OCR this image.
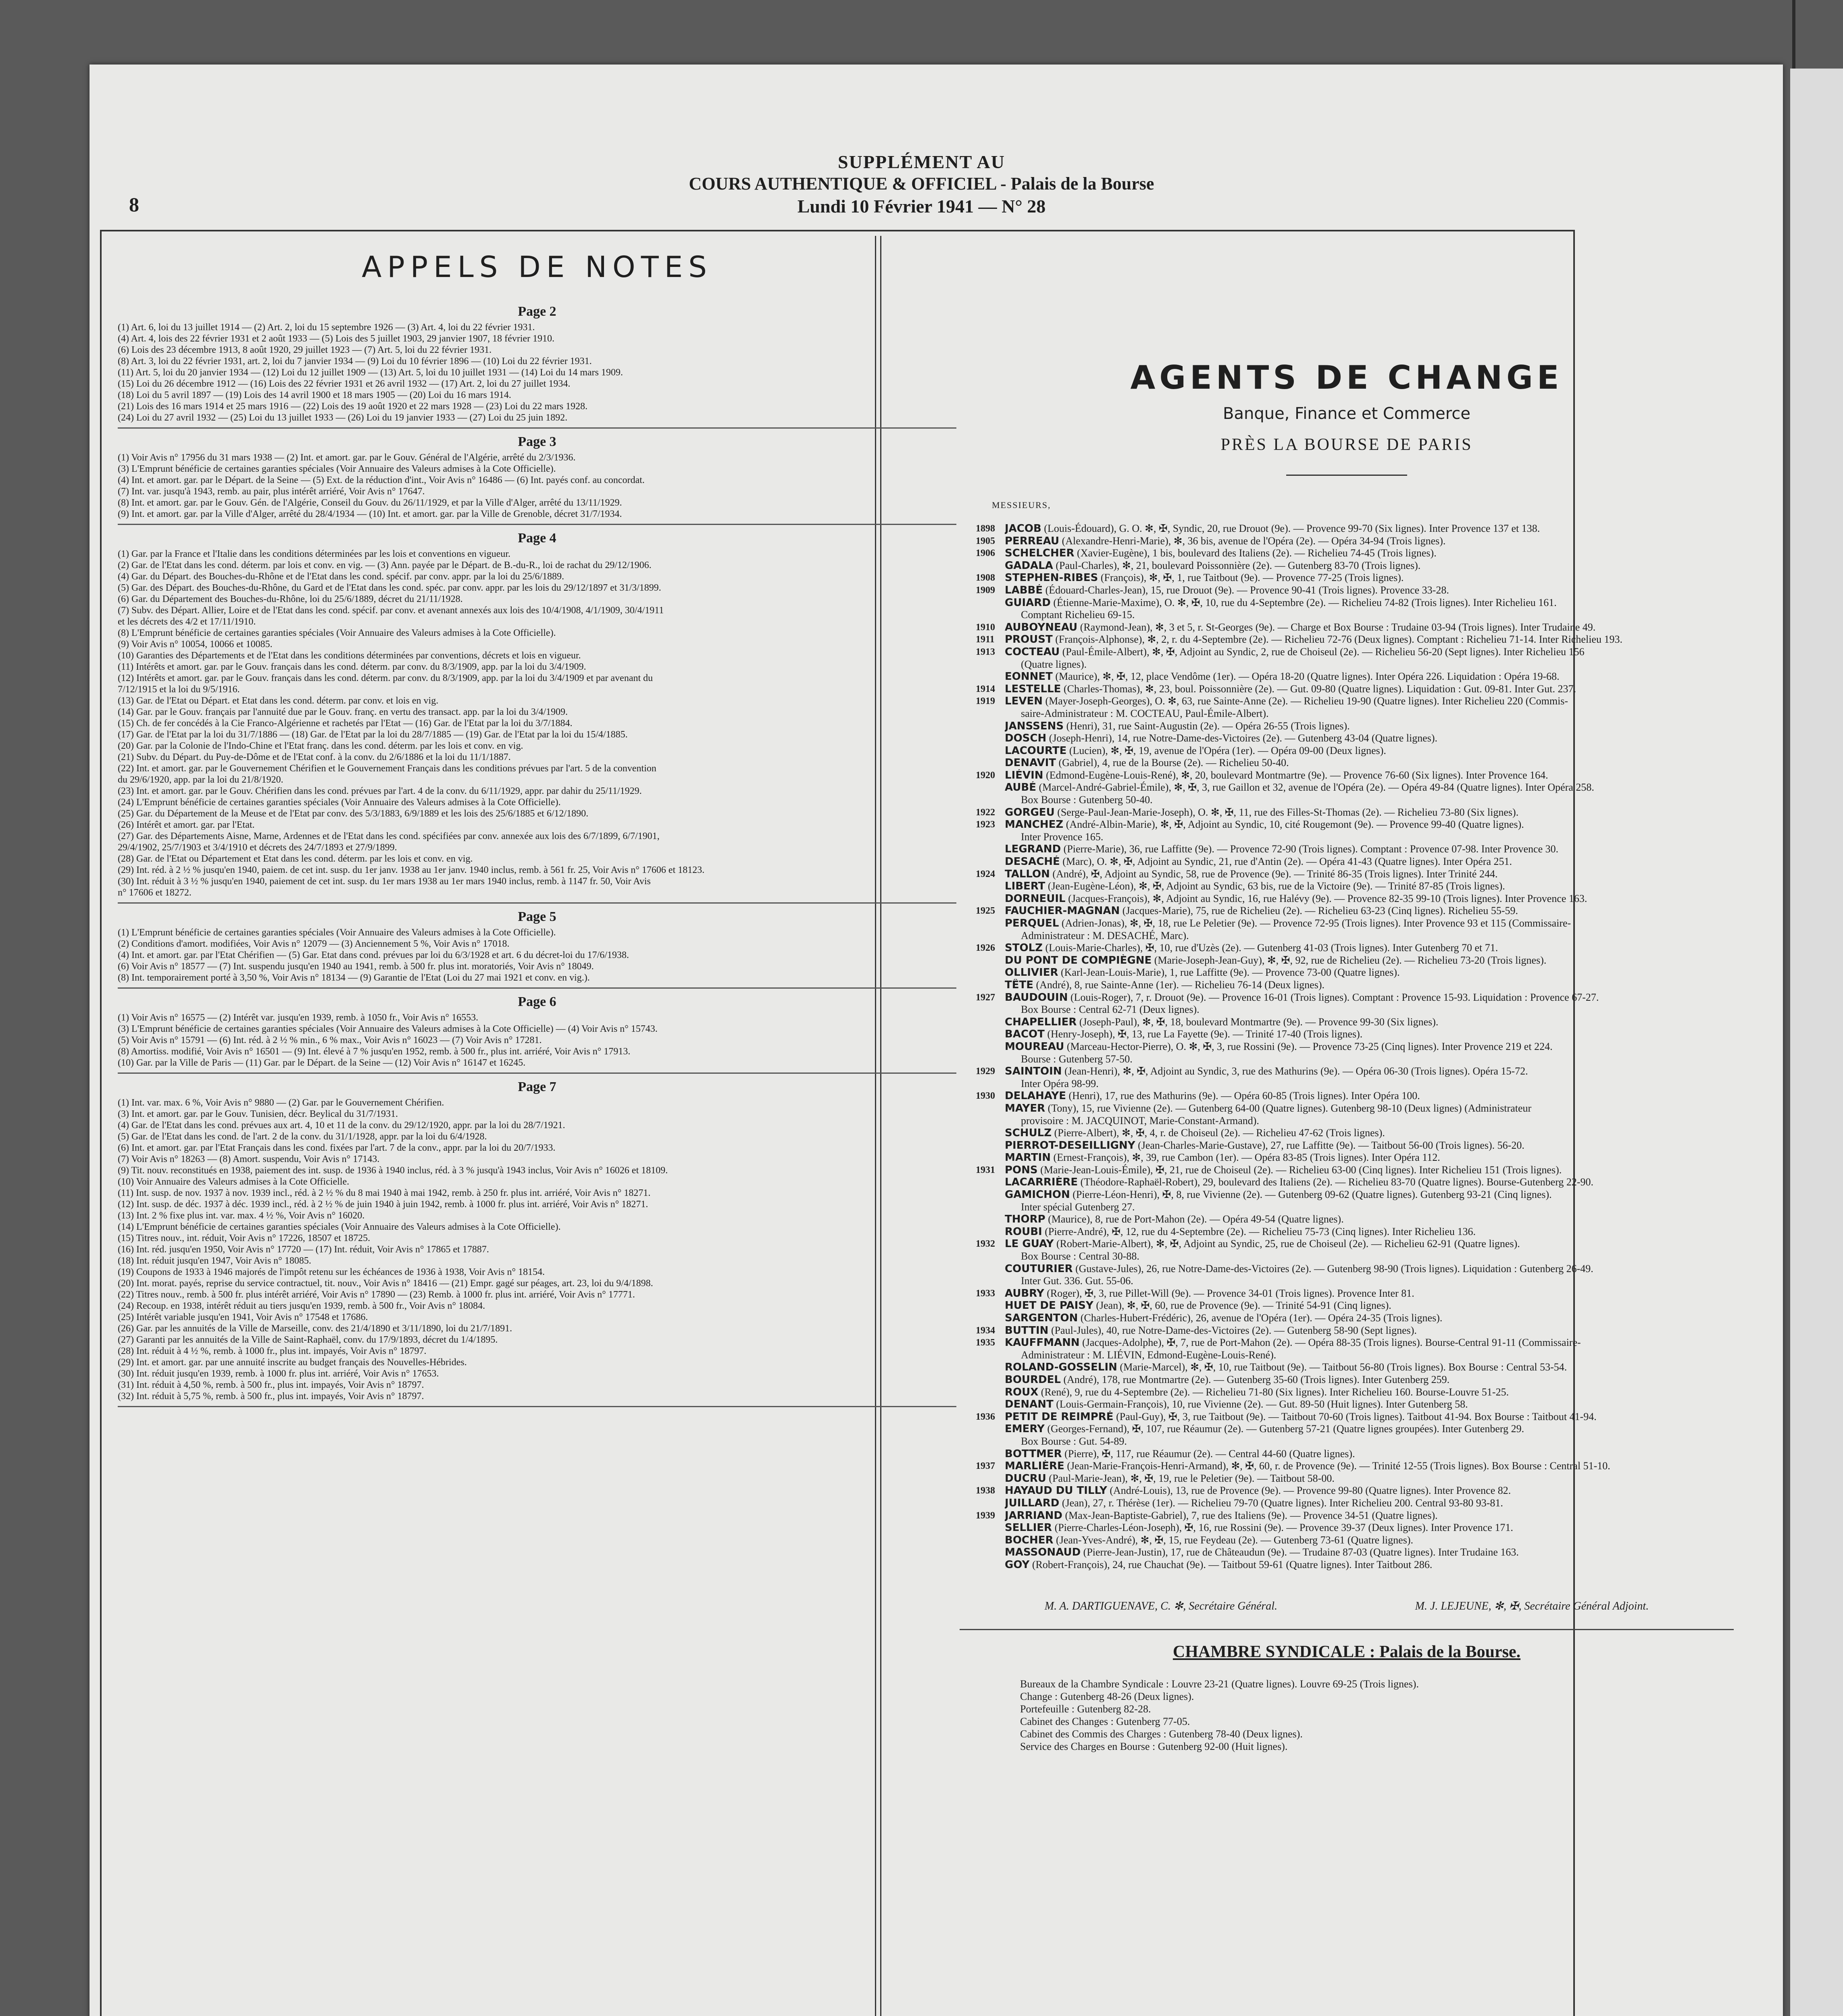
SUPPLÉMENT AU
COURS AUTHENTIQUE & OFFICIEL - Palais de la Bourse
Lundi 10 Février 1941 — N° 28
8
APPELS DE NOTES
Page 2
(1) Art. 6, loi du 13 juillet 1914 — (2) Art. 2, loi du 15 septembre 1926 — (3) Art. 4, loi du 22 février 1931.
(4) Art. 4, lois des 22 février 1931 et 2 août 1933 — (5) Lois des 5 juillet 1903, 29 janvier 1907, 18 février 1910.
(6) Lois des 23 décembre 1913, 8 août 1920, 29 juillet 1923 — (7) Art. 5, loi du 22 février 1931.
(8) Art. 3, loi du 22 février 1931, art. 2, loi du 7 janvier 1934 — (9) Loi du 10 février 1896 — (10) Loi du 22 février 1931.
(11) Art. 5, loi du 20 janvier 1934 — (12) Loi du 12 juillet 1909 — (13) Art. 5, loi du 10 juillet 1931 — (14) Loi du 14 mars 1909.
(15) Loi du 26 décembre 1912 — (16) Lois des 22 février 1931 et 26 avril 1932 — (17) Art. 2, loi du 27 juillet 1934.
(18) Loi du 5 avril 1897 — (19) Lois des 14 avril 1900 et 18 mars 1905 — (20) Loi du 16 mars 1914.
(21) Lois des 16 mars 1914 et 25 mars 1916 — (22) Lois des 19 août 1920 et 22 mars 1928 — (23) Loi du 22 mars 1928.
(24) Loi du 27 avril 1932 — (25) Loi du 13 juillet 1933 — (26) Loi du 19 janvier 1933 — (27) Loi du 25 juin 1892.
Page 3
(1) Voir Avis n° 17956 du 31 mars 1938 — (2) Int. et amort. gar. par le Gouv. Général de l'Algérie, arrêté du 2/3/1936.
(3) L'Emprunt bénéficie de certaines garanties spéciales (Voir Annuaire des Valeurs admises à la Cote Officielle).
(4) Int. et amort. gar. par le Départ. de la Seine — (5) Ext. de la réduction d'int., Voir Avis n° 16486 — (6) Int. payés conf. au concordat.
(7) Int. var. jusqu'à 1943, remb. au pair, plus intérêt arriéré, Voir Avis n° 17647.
(8) Int. et amort. gar. par le Gouv. Gén. de l'Algérie, Conseil du Gouv. du 26/11/1929, et par la Ville d'Alger, arrêté du 13/11/1929.
(9) Int. et amort. gar. par la Ville d'Alger, arrêté du 28/4/1934 — (10) Int. et amort. gar. par la Ville de Grenoble, décret 31/7/1934.
Page 4
(1) Gar. par la France et l'Italie dans les conditions déterminées par les lois et conventions en vigueur.
(2) Gar. de l'Etat dans les cond. déterm. par lois et conv. en vig. — (3) Ann. payée par le Départ. de B.-du-R., loi de rachat du 29/12/1906.
(4) Gar. du Départ. des Bouches-du-Rhône et de l'Etat dans les cond. spécif. par conv. appr. par la loi du 25/6/1889.
(5) Gar. des Départ. des Bouches-du-Rhône, du Gard et de l'Etat dans les cond. spéc. par conv. appr. par les lois du 29/12/1897 et 31/3/1899.
(6) Gar. du Département des Bouches-du-Rhône, loi du 25/6/1889, décret du 21/11/1928.
(7) Subv. des Départ. Allier, Loire et de l'Etat dans les cond. spécif. par conv. et avenant annexés aux lois des 10/4/1908, 4/1/1909, 30/4/1911
et les décrets des 4/2 et 17/11/1910.
(8) L'Emprunt bénéficie de certaines garanties spéciales (Voir Annuaire des Valeurs admises à la Cote Officielle).
(9) Voir Avis n° 10054, 10066 et 10085.
(10) Garanties des Départements et de l'Etat dans les conditions déterminées par conventions, décrets et lois en vigueur.
(11) Intérêts et amort. gar. par le Gouv. français dans les cond. déterm. par conv. du 8/3/1909, app. par la loi du 3/4/1909.
(12) Intérêts et amort. gar. par le Gouv. français dans les cond. déterm. par conv. du 8/3/1909, app. par la loi du 3/4/1909 et par avenant du
7/12/1915 et la loi du 9/5/1916.
(13) Gar. de l'Etat ou Départ. et Etat dans les cond. déterm. par conv. et lois en vig.
(14) Gar. par le Gouv. français par l'annuité due par le Gouv. franç. en vertu des transact. app. par la loi du 3/4/1909.
(15) Ch. de fer concédés à la Cie Franco-Algérienne et rachetés par l'Etat — (16) Gar. de l'Etat par la loi du 3/7/1884.
(17) Gar. de l'Etat par la loi du 31/7/1886 — (18) Gar. de l'Etat par la loi du 28/7/1885 — (19) Gar. de l'Etat par la loi du 15/4/1885.
(20) Gar. par la Colonie de l'Indo-Chine et l'Etat franç. dans les cond. déterm. par les lois et conv. en vig.
(21) Subv. du Départ. du Puy-de-Dôme et de l'Etat conf. à la conv. du 2/6/1886 et la loi du 11/1/1887.
(22) Int. et amort. gar. par le Gouvernement Chérifien et le Gouvernement Français dans les conditions prévues par l'art. 5 de la convention
du 29/6/1920, app. par la loi du 21/8/1920.
(23) Int. et amort. gar. par le Gouv. Chérifien dans les cond. prévues par l'art. 4 de la conv. du 6/11/1929, appr. par dahir du 25/11/1929.
(24) L'Emprunt bénéficie de certaines garanties spéciales (Voir Annuaire des Valeurs admises à la Cote Officielle).
(25) Gar. du Département de la Meuse et de l'Etat par conv. des 5/3/1883, 6/9/1889 et les lois des 25/6/1885 et 6/12/1890.
(26) Intérêt et amort. gar. par l'Etat.
(27) Gar. des Départements Aisne, Marne, Ardennes et de l'Etat dans les cond. spécifiées par conv. annexée aux lois des 6/7/1899, 6/7/1901,
29/4/1902, 25/7/1903 et 3/4/1910 et décrets des 24/7/1893 et 27/9/1899.
(28) Gar. de l'Etat ou Département et Etat dans les cond. déterm. par les lois et conv. en vig.
(29) Int. réd. à 2 ½ % jusqu'en 1940, paiem. de cet int. susp. du 1er janv. 1938 au 1er janv. 1940 inclus, remb. à 561 fr. 25, Voir Avis n° 17606 et 18123.
(30) Int. réduit à 3 ½ % jusqu'en 1940, paiement de cet int. susp. du 1er mars 1938 au 1er mars 1940 inclus, remb. à 1147 fr. 50, Voir Avis
n° 17606 et 18272.
Page 5
(1) L'Emprunt bénéficie de certaines garanties spéciales (Voir Annuaire des Valeurs admises à la Cote Officielle).
(2) Conditions d'amort. modifiées, Voir Avis n° 12079 — (3) Anciennement 5 %, Voir Avis n° 17018.
(4) Int. et amort. gar. par l'Etat Chérifien — (5) Gar. Etat dans cond. prévues par loi du 6/3/1928 et art. 6 du décret-loi du 17/6/1938.
(6) Voir Avis n° 18577 — (7) Int. suspendu jusqu'en 1940 au 1941, remb. à 500 fr. plus int. moratoriés, Voir Avis n° 18049.
(8) Int. temporairement porté à 3,50 %, Voir Avis n° 18134 — (9) Garantie de l'Etat (Loi du 27 mai 1921 et conv. en vig.).
Page 6
(1) Voir Avis n° 16575 — (2) Intérêt var. jusqu'en 1939, remb. à 1050 fr., Voir Avis n° 16553.
(3) L'Emprunt bénéficie de certaines garanties spéciales (Voir Annuaire des Valeurs admises à la Cote Officielle) — (4) Voir Avis n° 15743.
(5) Voir Avis n° 15791 — (6) Int. réd. à 2 ½ % min., 6 % max., Voir Avis n° 16023 — (7) Voir Avis n° 17281.
(8) Amortiss. modifié, Voir Avis n° 16501 — (9) Int. élevé à 7 % jusqu'en 1952, remb. à 500 fr., plus int. arriéré, Voir Avis n° 17913.
(10) Gar. par la Ville de Paris — (11) Gar. par le Départ. de la Seine — (12) Voir Avis n° 16147 et 16245.
Page 7
(1) Int. var. max. 6 %, Voir Avis n° 9880 — (2) Gar. par le Gouvernement Chérifien.
(3) Int. et amort. gar. par le Gouv. Tunisien, décr. Beylical du 31/7/1931.
(4) Gar. de l'Etat dans les cond. prévues aux art. 4, 10 et 11 de la conv. du 29/12/1920, appr. par la loi du 28/7/1921.
(5) Gar. de l'Etat dans les cond. de l'art. 2 de la conv. du 31/1/1928, appr. par la loi du 6/4/1928.
(6) Int. et amort. gar. par l'Etat Français dans les cond. fixées par l'art. 7 de la conv., appr. par la loi du 20/7/1933.
(7) Voir Avis n° 18263 — (8) Amort. suspendu, Voir Avis n° 17143.
(9) Tit. nouv. reconstitués en 1938, paiement des int. susp. de 1936 à 1940 inclus, réd. à 3 % jusqu'à 1943 inclus, Voir Avis n° 16026 et 18109.
(10) Voir Annuaire des Valeurs admises à la Cote Officielle.
(11) Int. susp. de nov. 1937 à nov. 1939 incl., réd. à 2 ½ % du 8 mai 1940 à mai 1942, remb. à 250 fr. plus int. arriéré, Voir Avis n° 18271.
(12) Int. susp. de déc. 1937 à déc. 1939 incl., réd. à 2 ½ % de juin 1940 à juin 1942, remb. à 1000 fr. plus int. arriéré, Voir Avis n° 18271.
(13) Int. 2 % fixe plus int. var. max. 4 ½ %, Voir Avis n° 16020.
(14) L'Emprunt bénéficie de certaines garanties spéciales (Voir Annuaire des Valeurs admises à la Cote Officielle).
(15) Titres nouv., int. réduit, Voir Avis n° 17226, 18507 et 18725.
(16) Int. réd. jusqu'en 1950, Voir Avis n° 17720 — (17) Int. réduit, Voir Avis n° 17865 et 17887.
(18) Int. réduit jusqu'en 1947, Voir Avis n° 18085.
(19) Coupons de 1933 à 1946 majorés de l'impôt retenu sur les échéances de 1936 à 1938, Voir Avis n° 18154.
(20) Int. morat. payés, reprise du service contractuel, tit. nouv., Voir Avis n° 18416 — (21) Empr. gagé sur péages, art. 23, loi du 9/4/1898.
(22) Titres nouv., remb. à 500 fr. plus intérêt arriéré, Voir Avis n° 17890 — (23) Remb. à 1000 fr. plus int. arriéré, Voir Avis n° 17771.
(24) Recoup. en 1938, intérêt réduit au tiers jusqu'en 1939, remb. à 500 fr., Voir Avis n° 18084.
(25) Intérêt variable jusqu'en 1941, Voir Avis n° 17548 et 17686.
(26) Gar. par les annuités de la Ville de Marseille, conv. des 21/4/1890 et 3/11/1890, loi du 21/7/1891.
(27) Garanti par les annuités de la Ville de Saint-Raphaël, conv. du 17/9/1893, décret du 1/4/1895.
(28) Int. réduit à 4 ½ %, remb. à 1000 fr., plus int. impayés, Voir Avis n° 18797.
(29) Int. et amort. gar. par une annuité inscrite au budget français des Nouvelles-Hébrides.
(30) Int. réduit jusqu'en 1939, remb. à 1000 fr. plus int. arriéré, Voir Avis n° 17653.
(31) Int. réduit à 4,50 %, remb. à 500 fr., plus int. impayés, Voir Avis n° 18797.
(32) Int. réduit à 5,75 %, remb. à 500 fr., plus int. impayés, Voir Avis n° 18797.
AGENTS DE CHANGE
Banque, Finance et Commerce
PRÈS LA BOURSE DE PARIS
MESSIEURS,
1898 JACOB (Louis-Édouard), G. O. ✻, ✠, Syndic, 20, rue Drouot (9e). — Provence 99-70 (Six lignes). Inter Provence 137 et 138.
1905 PERREAU (Alexandre-Henri-Marie), ✻, 36 bis, avenue de l'Opéra (2e). — Opéra 34-94 (Trois lignes).
1906 SCHELCHER (Xavier-Eugène), 1 bis, boulevard des Italiens (2e). — Richelieu 74-45 (Trois lignes).
GADALA (Paul-Charles), ✻, 21, boulevard Poissonnière (2e). — Gutenberg 83-70 (Trois lignes).
1908 STEPHEN-RIBES (François), ✻, ✠, 1, rue Taitbout (9e). — Provence 77-25 (Trois lignes).
1909 LABBÉ (Édouard-Charles-Jean), 15, rue Drouot (9e). — Provence 90-41 (Trois lignes). Provence 33-28.
GUIARD (Étienne-Marie-Maxime), O. ✻, ✠, 10, rue du 4-Septembre (2e). — Richelieu 74-82 (Trois lignes). Inter Richelieu 161.
Comptant Richelieu 69-15.
1910 AUBOYNEAU (Raymond-Jean), ✻, 3 et 5, r. St-Georges (9e). — Charge et Box Bourse : Trudaine 03-94 (Trois lignes). Inter Trudaine 49.
1911 PROUST (François-Alphonse), ✻, 2, r. du 4-Septembre (2e). — Richelieu 72-76 (Deux lignes). Comptant : Richelieu 71-14. Inter Richelieu 193.
1913 COCTEAU (Paul-Émile-Albert), ✻, ✠, Adjoint au Syndic, 2, rue de Choiseul (2e). — Richelieu 56-20 (Sept lignes). Inter Richelieu 156
(Quatre lignes).
EONNET (Maurice), ✻, ✠, 12, place Vendôme (1er). — Opéra 18-20 (Quatre lignes). Inter Opéra 226. Liquidation : Opéra 19-68.
1914 LESTELLE (Charles-Thomas), ✻, 23, boul. Poissonnière (2e). — Gut. 09-80 (Quatre lignes). Liquidation : Gut. 09-81. Inter Gut. 237.
1919 LEVEN (Mayer-Joseph-Georges), O. ✻, 63, rue Sainte-Anne (2e). — Richelieu 19-90 (Quatre lignes). Inter Richelieu 220 (Commis-
saire-Administrateur : M. COCTEAU, Paul-Émile-Albert).
JANSSENS (Henri), 31, rue Saint-Augustin (2e). — Opéra 26-55 (Trois lignes).
DOSCH (Joseph-Henri), 14, rue Notre-Dame-des-Victoires (2e). — Gutenberg 43-04 (Quatre lignes).
LACOURTE (Lucien), ✻, ✠, 19, avenue de l'Opéra (1er). — Opéra 09-00 (Deux lignes).
DENAVIT (Gabriel), 4, rue de la Bourse (2e). — Richelieu 50-40.
1920 LIÉVIN (Edmond-Eugène-Louis-René), ✻, 20, boulevard Montmartre (9e). — Provence 76-60 (Six lignes). Inter Provence 164.
AUBÉ (Marcel-André-Gabriel-Émile), ✻, ✠, 3, rue Gaillon et 32, avenue de l'Opéra (2e). — Opéra 49-84 (Quatre lignes). Inter Opéra 258.
Box Bourse : Gutenberg 50-40.
1922 GORGEU (Serge-Paul-Jean-Marie-Joseph), O. ✻, ✠, 11, rue des Filles-St-Thomas (2e). — Richelieu 73-80 (Six lignes).
1923 MANCHEZ (André-Albin-Marie), ✻, ✠, Adjoint au Syndic, 10, cité Rougemont (9e). — Provence 99-40 (Quatre lignes).
Inter Provence 165.
LEGRAND (Pierre-Marie), 36, rue Laffitte (9e). — Provence 72-90 (Trois lignes). Comptant : Provence 07-98. Inter Provence 30.
DESACHÉ (Marc), O. ✻, ✠, Adjoint au Syndic, 21, rue d'Antin (2e). — Opéra 41-43 (Quatre lignes). Inter Opéra 251.
1924 TALLON (André), ✠, Adjoint au Syndic, 58, rue de Provence (9e). — Trinité 86-35 (Trois lignes). Inter Trinité 244.
LIBERT (Jean-Eugène-Léon), ✻, ✠, Adjoint au Syndic, 63 bis, rue de la Victoire (9e). — Trinité 87-85 (Trois lignes).
DORNEUIL (Jacques-François), ✻, Adjoint au Syndic, 16, rue Halévy (9e). — Provence 82-35 99-10 (Trois lignes). Inter Provence 163.
1925 FAUCHIER-MAGNAN (Jacques-Marie), 75, rue de Richelieu (2e). — Richelieu 63-23 (Cinq lignes). Richelieu 55-59.
PERQUEL (Adrien-Jonas), ✻, ✠, 18, rue Le Peletier (9e). — Provence 72-95 (Trois lignes). Inter Provence 93 et 115 (Commissaire-
Administrateur : M. DESACHÉ, Marc).
1926 STOLZ (Louis-Marie-Charles), ✠, 10, rue d'Uzès (2e). — Gutenberg 41-03 (Trois lignes). Inter Gutenberg 70 et 71.
DU PONT DE COMPIÈGNE (Marie-Joseph-Jean-Guy), ✻, ✠, 92, rue de Richelieu (2e). — Richelieu 73-20 (Trois lignes).
OLLIVIER (Karl-Jean-Louis-Marie), 1, rue Laffitte (9e). — Provence 73-00 (Quatre lignes).
TÊTE (André), 8, rue Sainte-Anne (1er). — Richelieu 76-14 (Deux lignes).
1927 BAUDOUIN (Louis-Roger), 7, r. Drouot (9e). — Provence 16-01 (Trois lignes). Comptant : Provence 15-93. Liquidation : Provence 67-27.
Box Bourse : Central 62-71 (Deux lignes).
CHAPELLIER (Joseph-Paul), ✻, ✠, 18, boulevard Montmartre (9e). — Provence 99-30 (Six lignes).
BACOT (Henry-Joseph), ✠, 13, rue La Fayette (9e). — Trinité 17-40 (Trois lignes).
MOUREAU (Marceau-Hector-Pierre), O. ✻, ✠, 3, rue Rossini (9e). — Provence 73-25 (Cinq lignes). Inter Provence 219 et 224.
Bourse : Gutenberg 57-50.
1929 SAINTOIN (Jean-Henri), ✻, ✠, Adjoint au Syndic, 3, rue des Mathurins (9e). — Opéra 06-30 (Trois lignes). Opéra 15-72.
Inter Opéra 98-99.
1930 DELAHAYE (Henri), 17, rue des Mathurins (9e). — Opéra 60-85 (Trois lignes). Inter Opéra 100.
MAYER (Tony), 15, rue Vivienne (2e). — Gutenberg 64-00 (Quatre lignes). Gutenberg 98-10 (Deux lignes) (Administrateur
provisoire : M. JACQUINOT, Marie-Constant-Armand).
SCHULZ (Pierre-Albert), ✻, ✠, 4, r. de Choiseul (2e). — Richelieu 47-62 (Trois lignes).
PIERROT-DESEILLIGNY (Jean-Charles-Marie-Gustave), 27, rue Laffitte (9e). — Taitbout 56-00 (Trois lignes). 56-20.
MARTIN (Ernest-François), ✻, 39, rue Cambon (1er). — Opéra 83-85 (Trois lignes). Inter Opéra 112.
1931 PONS (Marie-Jean-Louis-Émile), ✠, 21, rue de Choiseul (2e). — Richelieu 63-00 (Cinq lignes). Inter Richelieu 151 (Trois lignes).
LACARRIÈRE (Théodore-Raphaël-Robert), 29, boulevard des Italiens (2e). — Richelieu 83-70 (Quatre lignes). Bourse-Gutenberg 22-90.
GAMICHON (Pierre-Léon-Henri), ✠, 8, rue Vivienne (2e). — Gutenberg 09-62 (Quatre lignes). Gutenberg 93-21 (Cinq lignes).
Inter spécial Gutenberg 27.
THORP (Maurice), 8, rue de Port-Mahon (2e). — Opéra 49-54 (Quatre lignes).
ROUBI (Pierre-André), ✠, 12, rue du 4-Septembre (2e). — Richelieu 75-73 (Cinq lignes). Inter Richelieu 136.
1932 LE GUAY (Robert-Marie-Albert), ✻, ✠, Adjoint au Syndic, 25, rue de Choiseul (2e). — Richelieu 62-91 (Quatre lignes).
Box Bourse : Central 30-88.
COUTURIER (Gustave-Jules), 26, rue Notre-Dame-des-Victoires (2e). — Gutenberg 98-90 (Trois lignes). Liquidation : Gutenberg 26-49.
Inter Gut. 336. Gut. 55-06.
1933 AUBRY (Roger), ✠, 3, rue Pillet-Will (9e). — Provence 34-01 (Trois lignes). Provence Inter 81.
HUET DE PAISY (Jean), ✻, ✠, 60, rue de Provence (9e). — Trinité 54-91 (Cinq lignes).
SARGENTON (Charles-Hubert-Frédéric), 26, avenue de l'Opéra (1er). — Opéra 24-35 (Trois lignes).
1934 BUTTIN (Paul-Jules), 40, rue Notre-Dame-des-Victoires (2e). — Gutenberg 58-90 (Sept lignes).
1935 KAUFFMANN (Jacques-Adolphe), ✠, 7, rue de Port-Mahon (2e). — Opéra 88-35 (Trois lignes). Bourse-Central 91-11 (Commissaire-
Administrateur : M. LIÉVIN, Edmond-Eugène-Louis-René).
ROLAND-GOSSELIN (Marie-Marcel), ✻, ✠, 10, rue Taitbout (9e). — Taitbout 56-80 (Trois lignes). Box Bourse : Central 53-54.
BOURDEL (André), 178, rue Montmartre (2e). — Gutenberg 35-60 (Trois lignes). Inter Gutenberg 259.
ROUX (René), 9, rue du 4-Septembre (2e). — Richelieu 71-80 (Six lignes). Inter Richelieu 160. Bourse-Louvre 51-25.
DENANT (Louis-Germain-François), 10, rue Vivienne (2e). — Gut. 89-50 (Huit lignes). Inter Gutenberg 58.
1936 PETIT DE REIMPRÉ (Paul-Guy), ✠, 3, rue Taitbout (9e). — Taitbout 70-60 (Trois lignes). Taitbout 41-94. Box Bourse : Taitbout 41-94.
EMERY (Georges-Fernand), ✠, 107, rue Réaumur (2e). — Gutenberg 57-21 (Quatre lignes groupées). Inter Gutenberg 29.
Box Bourse : Gut. 54-89.
BOTTMER (Pierre), ✠, 117, rue Réaumur (2e). — Central 44-60 (Quatre lignes).
1937 MARLIÈRE (Jean-Marie-François-Henri-Armand), ✻, ✠, 60, r. de Provence (9e). — Trinité 12-55 (Trois lignes). Box Bourse : Central 51-10.
DUCRU (Paul-Marie-Jean), ✻, ✠, 19, rue le Peletier (9e). — Taitbout 58-00.
1938 HAYAUD DU TILLY (André-Louis), 13, rue de Provence (9e). — Provence 99-80 (Quatre lignes). Inter Provence 82.
JUILLARD (Jean), 27, r. Thérèse (1er). — Richelieu 79-70 (Quatre lignes). Inter Richelieu 200. Central 93-80 93-81.
1939 JARRIAND (Max-Jean-Baptiste-Gabriel), 7, rue des Italiens (9e). — Provence 34-51 (Quatre lignes).
SELLIER (Pierre-Charles-Léon-Joseph), ✠, 16, rue Rossini (9e). — Provence 39-37 (Deux lignes). Inter Provence 171.
BOCHER (Jean-Yves-André), ✻, ✠, 15, rue Feydeau (2e). — Gutenberg 73-61 (Quatre lignes).
MASSONAUD (Pierre-Jean-Justin), 17, rue de Châteaudun (9e). — Trudaine 87-03 (Quatre lignes). Inter Trudaine 163.
GOY (Robert-François), 24, rue Chauchat (9e). — Taitbout 59-61 (Quatre lignes). Inter Taitbout 286.
M. A. DARTIGUENAVE, C. ✻, Secrétaire Général.	M. J. LEJEUNE, ✻, ✠, Secrétaire Général Adjoint.
CHAMBRE SYNDICALE : Palais de la Bourse.
Bureaux de la Chambre Syndicale : Louvre 23-21 (Quatre lignes). Louvre 69-25 (Trois lignes).
Change : Gutenberg 48-26 (Deux lignes).
Portefeuille : Gutenberg 82-28.
Cabinet des Changes : Gutenberg 77-05.
Cabinet des Commis des Charges : Gutenberg 78-40 (Deux lignes).
Service des Charges en Bourse : Gutenberg 92-00 (Huit lignes).
